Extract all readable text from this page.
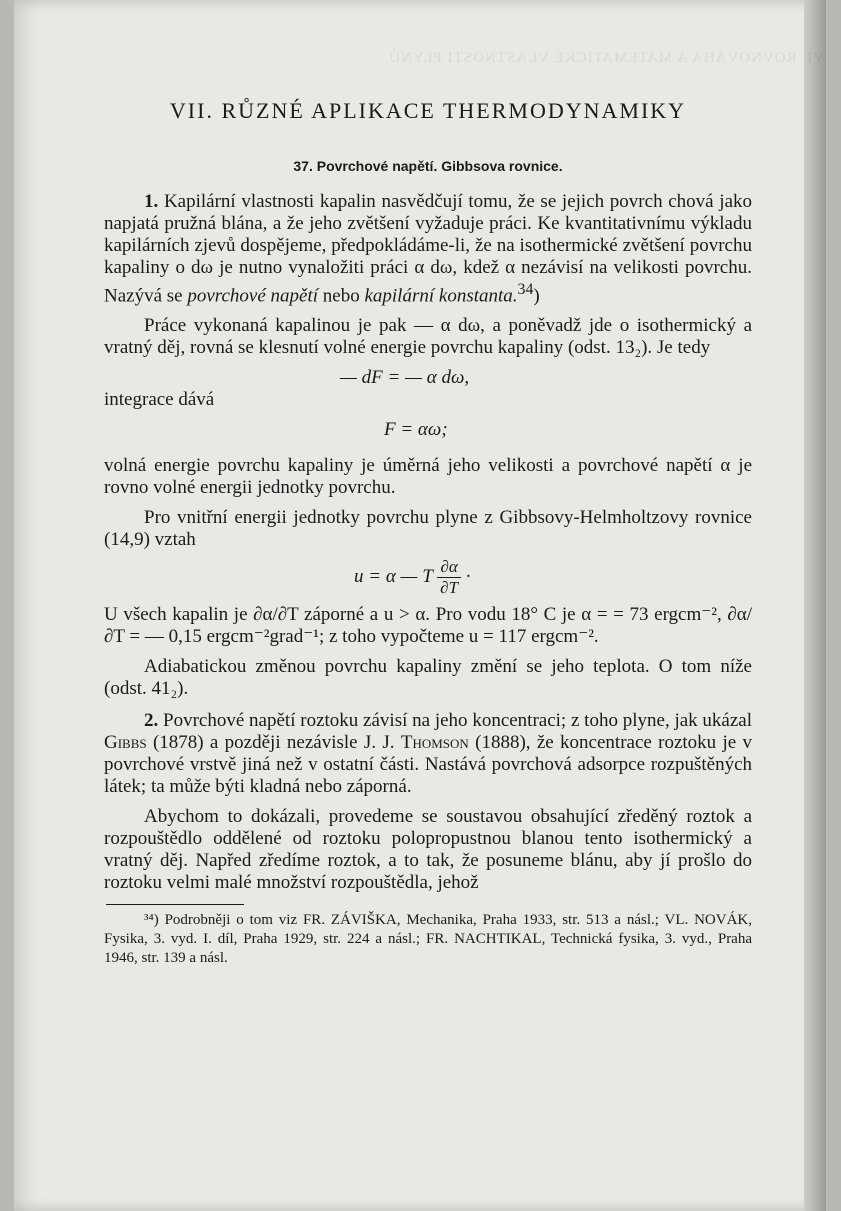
VI. ROVNOVÁHA A MATEMATICKÉ VLASTNOSTI PLYNŮ
VII. RŮZNÉ APLIKACE THERMODYNAMIKY
37. Povrchové napětí. Gibbsova rovnice.

1. Kapilární vlastnosti kapalin nasvědčují tomu, že se jejich povrch chová jako napjatá pružná blána, a že jeho zvětšení vyžaduje práci. Ke kvantitativnímu výkladu kapilárních zjevů dospějeme, předpokládáme-li, že na isothermické zvětšení povrchu kapaliny o dω je nutno vynaložiti práci α dω, kdež α nezávisí na velikosti povrchu. Nazývá se povrchové napětí nebo kapilární konstanta.$^{34}$)

Práce vykonaná kapalinou je pak — α dω, a poněvadž jde o isothermický a vratný děj, rovná se klesnutí volné energie povrchu kapaliny (odst. 13₂). Je tedy

— dF = — α dω,

integrace dává

F = αω;

volná energie povrchu kapaliny je úměrná jeho velikosti a povrchové napětí α je rovno volné energii jednotky povrchu.

Pro vnitřní energii jednotky povrchu plyne z Gibbsovy-Helmholtzovy rovnice (14,9) vztah

u = α — T $\frac{\partial\alpha}{\partial T}$ ·

U všech kapalin je ∂α/∂T záporné a u > α. Pro vodu 18° C je α = = 73 ergcm⁻², ∂α/∂T = — 0,15 ergcm⁻²grad⁻¹; z toho vypočteme u = 117 ergcm⁻².

Adiabatickou změnou povrchu kapaliny změní se jeho teplota. O tom níže (odst. 41₂).

2. Povrchové napětí roztoku závisí na jeho koncentraci; z toho plyne, jak ukázal Gibbs (1878) a později nezávisle J. J. Thomson (1888), že koncentrace roztoku je v povrchové vrstvě jiná než v ostatní části. Nastává povrchová adsorpce rozpuštěných látek; ta může býti kladná nebo záporná.

Abychom to dokázali, provedeme se soustavou obsahující zředěný roztok a rozpouštědlo oddělené od roztoku polopropustnou blanou tento isothermický a vratný děj. Napřed zředíme roztok, a to tak, že posuneme blánu, aby jí prošlo do roztoku velmi malé množství rozpouštědla, jehož

³⁴) Podrobněji o tom viz FR. ZÁVIŠKA, Mechanika, Praha 1933, str. 513 a násl.; VL. NOVÁK, Fysika, 3. vyd. I. díl, Praha 1929, str. 224 a násl.; FR. NACHTIKAL, Technická fysika, 3. vyd., Praha 1946, str. 139 a násl.
